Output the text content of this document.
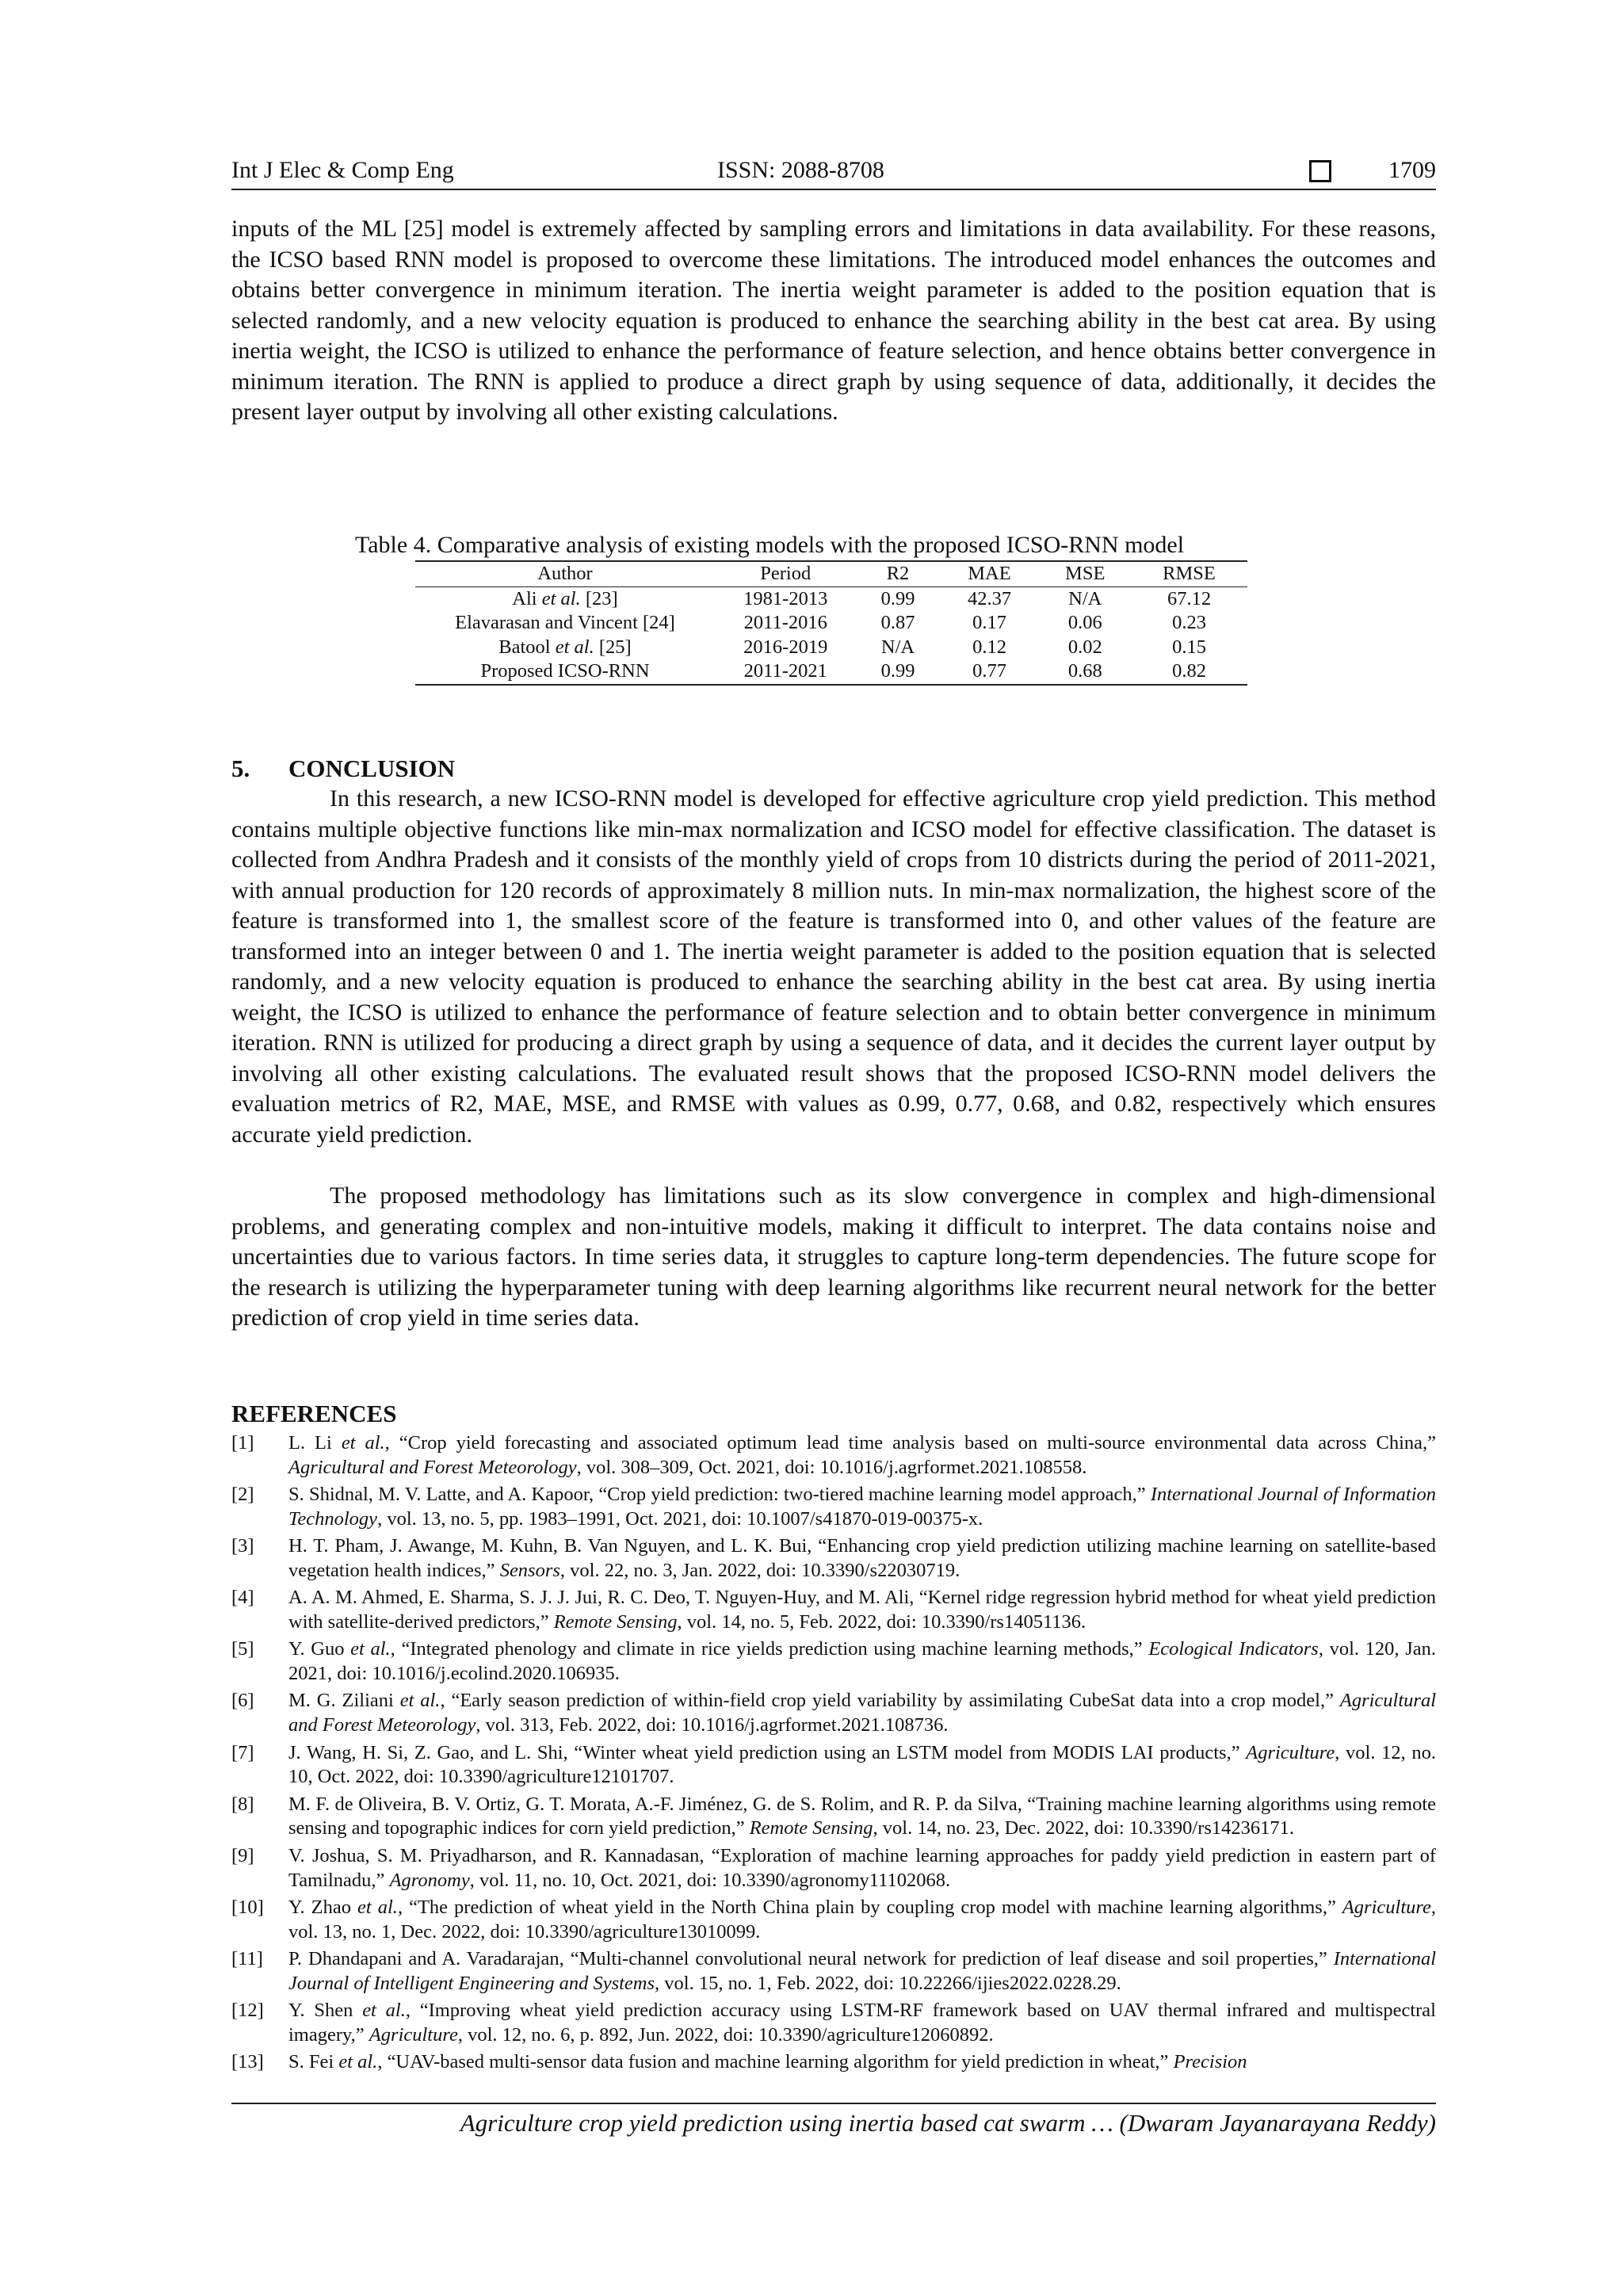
Int J Elec & Comp Eng	ISSN: 2088-8708	1709

inputs of the ML [25] model is extremely affected by sampling errors and limitations in data availability. For these reasons, the ICSO based RNN model is proposed to overcome these limitations. The introduced model enhances the outcomes and obtains better convergence in minimum iteration. The inertia weight parameter is added to the position equation that is selected randomly, and a new velocity equation is produced to enhance the searching ability in the best cat area. By using inertia weight, the ICSO is utilized to enhance the performance of feature selection, and hence obtains better convergence in minimum iteration. The RNN is applied to produce a direct graph by using sequence of data, additionally, it decides the present layer output by involving all other existing calculations.

Table 4. Comparative analysis of existing models with the proposed ICSO-RNN model
Author	Period	R2	MAE	MSE	RMSE
Ali et al. [23]	1981-2013	0.99	42.37	N/A	67.12
Elavarasan and Vincent [24]	2011-2016	0.87	0.17	0.06	0.23
Batool et al. [25]	2016-2019	N/A	0.12	0.02	0.15
Proposed ICSO-RNN	2011-2021	0.99	0.77	0.68	0.82
5. CONCLUSION

In this research, a new ICSO-RNN model is developed for effective agriculture crop yield prediction. This method contains multiple objective functions like min-max normalization and ICSO model for effective classification. The dataset is collected from Andhra Pradesh and it consists of the monthly yield of crops from 10 districts during the period of 2011-2021, with annual production for 120 records of approximately 8 million nuts. In min-max normalization, the highest score of the feature is transformed into 1, the smallest score of the feature is transformed into 0, and other values of the feature are transformed into an integer between 0 and 1. The inertia weight parameter is added to the position equation that is selected randomly, and a new velocity equation is produced to enhance the searching ability in the best cat area. By using inertia weight, the ICSO is utilized to enhance the performance of feature selection and to obtain better convergence in minimum iteration. RNN is utilized for producing a direct graph by using a sequence of data, and it decides the current layer output by involving all other existing calculations. The evaluated result shows that the proposed ICSO-RNN model delivers the evaluation metrics of R2, MAE, MSE, and RMSE with values as 0.99, 0.77, 0.68, and 0.82, respectively which ensures accurate yield prediction.

The proposed methodology has limitations such as its slow convergence in complex and high-dimensional problems, and generating complex and non-intuitive models, making it difficult to interpret. The data contains noise and uncertainties due to various factors. In time series data, it struggles to capture long-term dependencies. The future scope for the research is utilizing the hyperparameter tuning with deep learning algorithms like recurrent neural network for the better prediction of crop yield in time series data.

REFERENCES
[1]	L. Li et al., “Crop yield forecasting and associated optimum lead time analysis based on multi-source environmental data across China,” Agricultural and Forest Meteorology, vol. 308–309, Oct. 2021, doi: 10.1016/j.agrformet.2021.108558.
[2]	S. Shidnal, M. V. Latte, and A. Kapoor, “Crop yield prediction: two-tiered machine learning model approach,” International Journal of Information Technology, vol. 13, no. 5, pp. 1983–1991, Oct. 2021, doi: 10.1007/s41870-019-00375-x.
[3]	H. T. Pham, J. Awange, M. Kuhn, B. Van Nguyen, and L. K. Bui, “Enhancing crop yield prediction utilizing machine learning on satellite-based vegetation health indices,” Sensors, vol. 22, no. 3, Jan. 2022, doi: 10.3390/s22030719.
[4]	A. A. M. Ahmed, E. Sharma, S. J. J. Jui, R. C. Deo, T. Nguyen-Huy, and M. Ali, “Kernel ridge regression hybrid method for wheat yield prediction with satellite-derived predictors,” Remote Sensing, vol. 14, no. 5, Feb. 2022, doi: 10.3390/rs14051136.
[5]	Y. Guo et al., “Integrated phenology and climate in rice yields prediction using machine learning methods,” Ecological Indicators, vol. 120, Jan. 2021, doi: 10.1016/j.ecolind.2020.106935.
[6]	M. G. Ziliani et al., “Early season prediction of within-field crop yield variability by assimilating CubeSat data into a crop model,” Agricultural and Forest Meteorology, vol. 313, Feb. 2022, doi: 10.1016/j.agrformet.2021.108736.
[7]	J. Wang, H. Si, Z. Gao, and L. Shi, “Winter wheat yield prediction using an LSTM model from MODIS LAI products,” Agriculture, vol. 12, no. 10, Oct. 2022, doi: 10.3390/agriculture12101707.
[8]	M. F. de Oliveira, B. V. Ortiz, G. T. Morata, A.-F. Jiménez, G. de S. Rolim, and R. P. da Silva, “Training machine learning algorithms using remote sensing and topographic indices for corn yield prediction,” Remote Sensing, vol. 14, no. 23, Dec. 2022, doi: 10.3390/rs14236171.
[9]	V. Joshua, S. M. Priyadharson, and R. Kannadasan, “Exploration of machine learning approaches for paddy yield prediction in eastern part of Tamilnadu,” Agronomy, vol. 11, no. 10, Oct. 2021, doi: 10.3390/agronomy11102068.
[10]	Y. Zhao et al., “The prediction of wheat yield in the North China plain by coupling crop model with machine learning algorithms,” Agriculture, vol. 13, no. 1, Dec. 2022, doi: 10.3390/agriculture13010099.
[11]	P. Dhandapani and A. Varadarajan, “Multi-channel convolutional neural network for prediction of leaf disease and soil properties,” International Journal of Intelligent Engineering and Systems, vol. 15, no. 1, Feb. 2022, doi: 10.22266/ijies2022.0228.29.
[12]	Y. Shen et al., “Improving wheat yield prediction accuracy using LSTM-RF framework based on UAV thermal infrared and multispectral imagery,” Agriculture, vol. 12, no. 6, p. 892, Jun. 2022, doi: 10.3390/agriculture12060892.
[13]	S. Fei et al., “UAV-based multi-sensor data fusion and machine learning algorithm for yield prediction in wheat,” Precision
Agriculture crop yield prediction using inertia based cat swarm … (Dwaram Jayanarayana Reddy)
